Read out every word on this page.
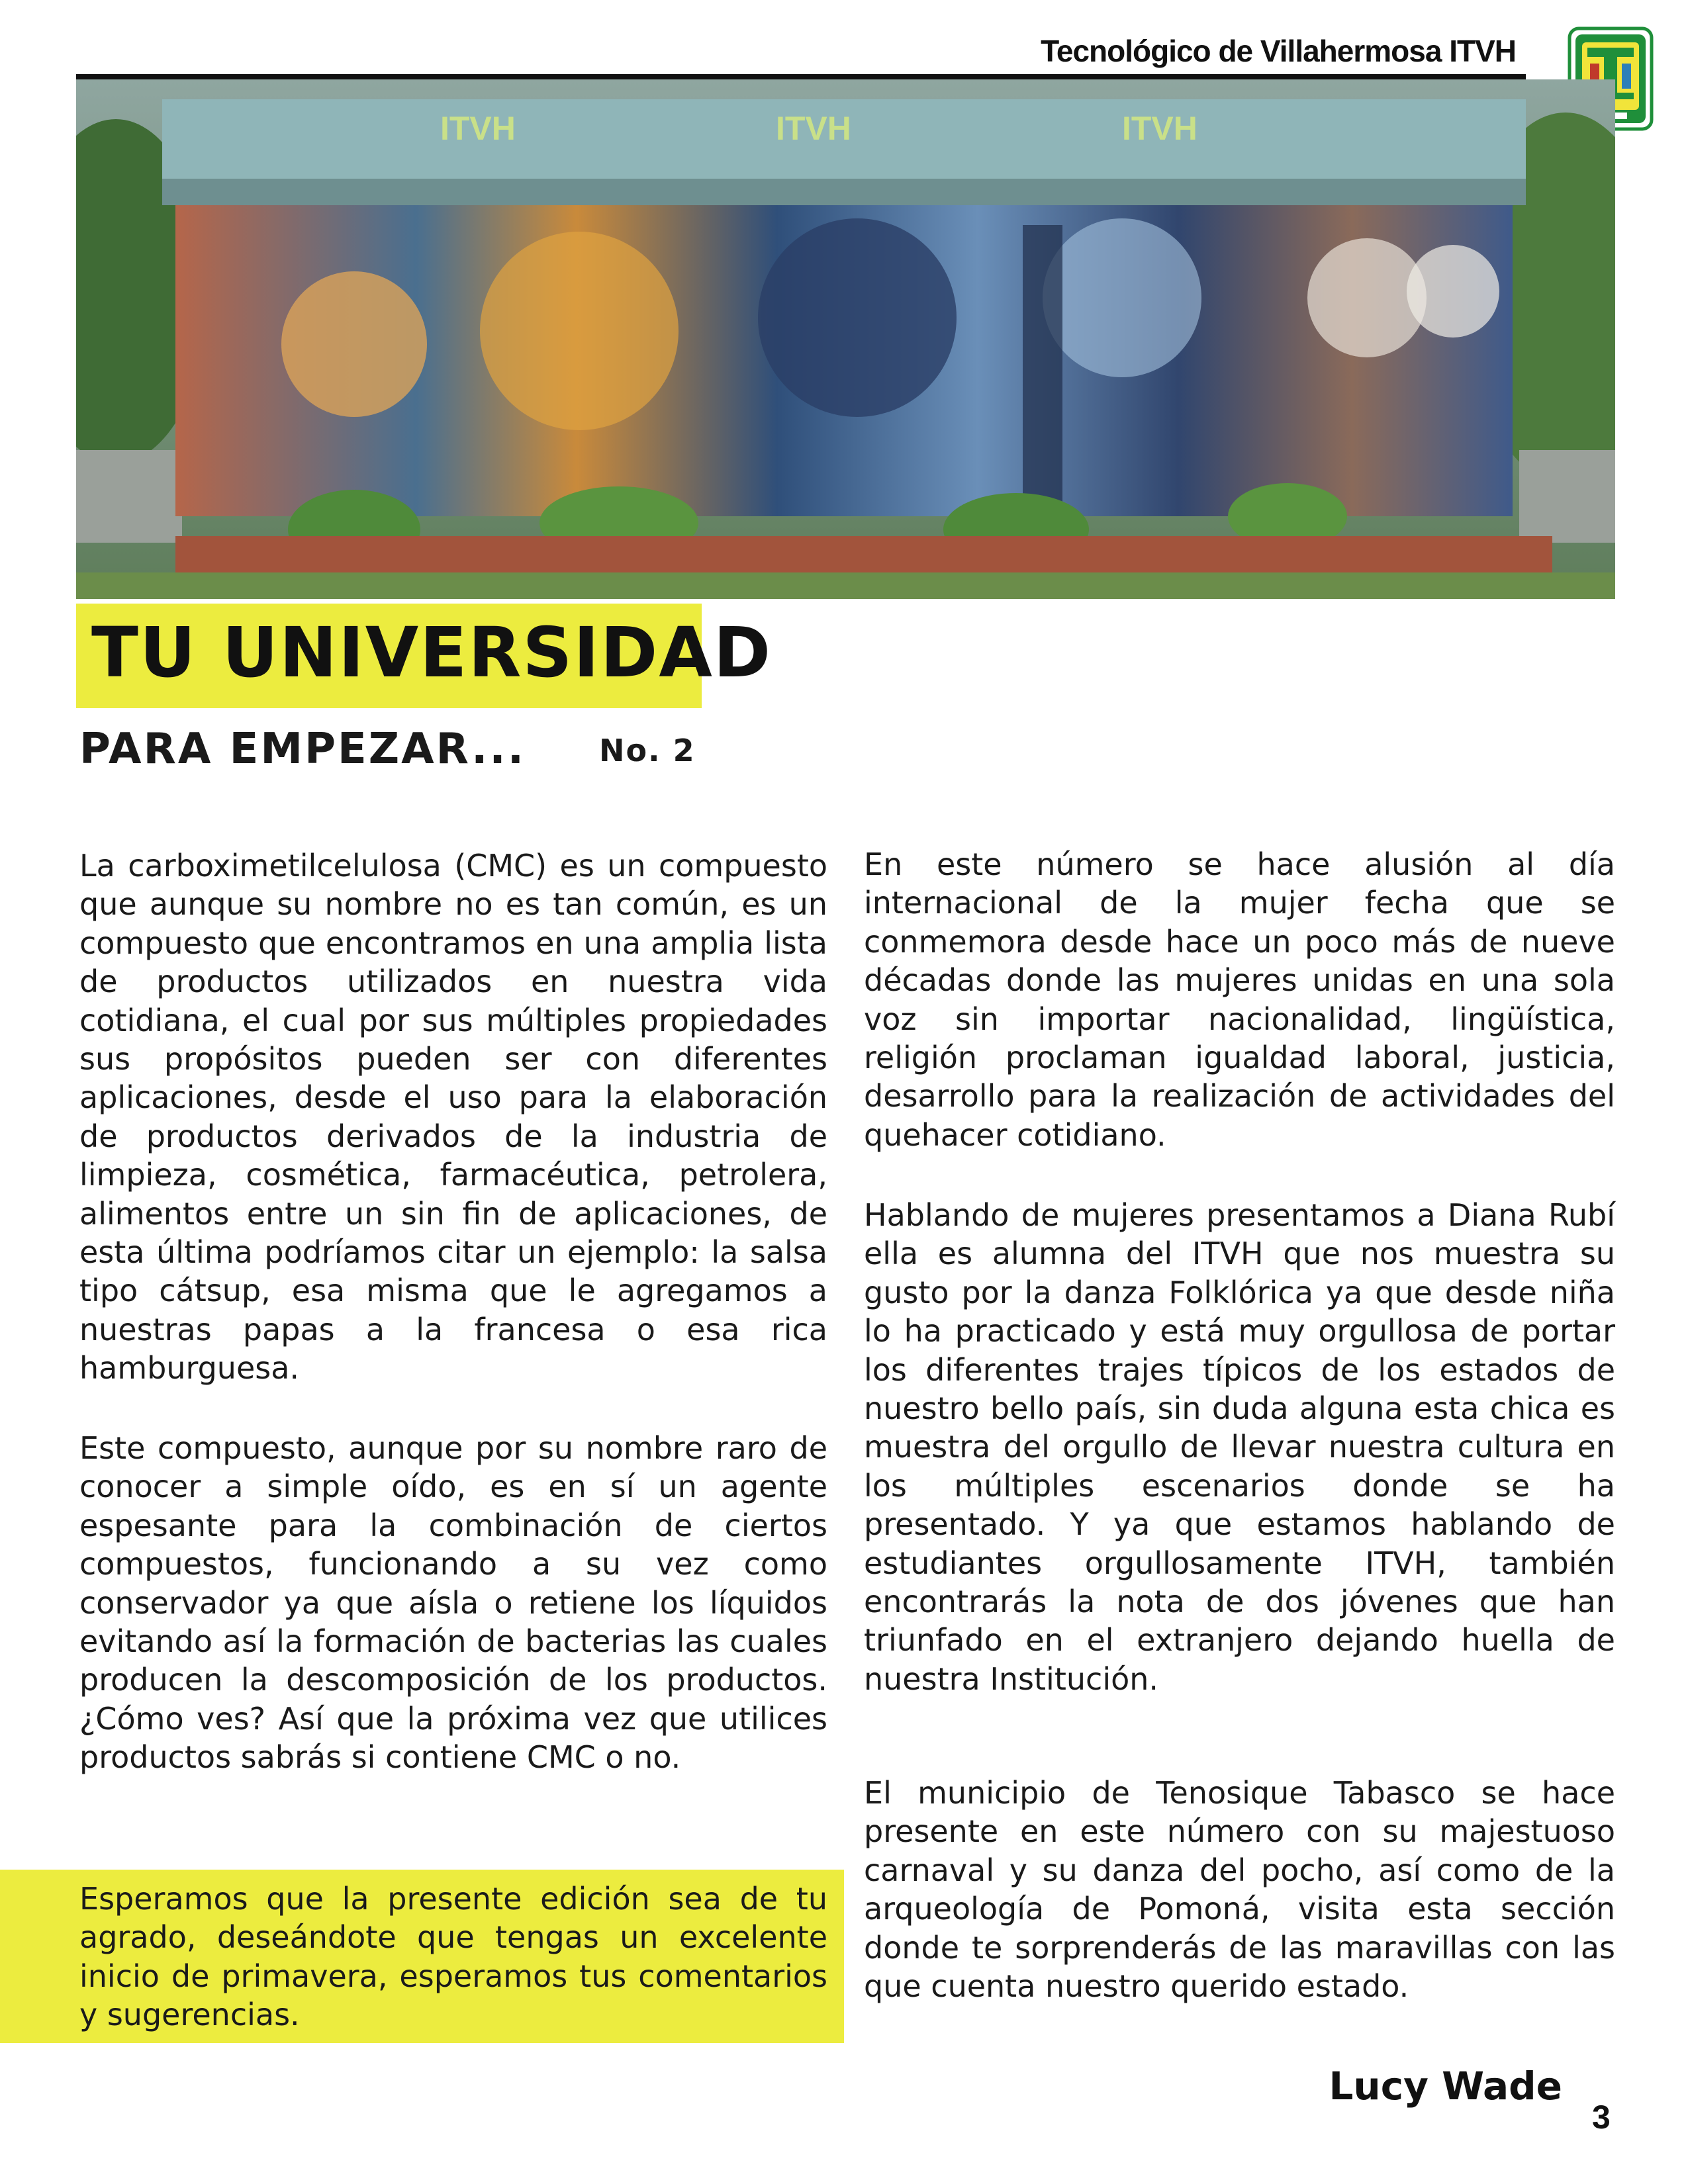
Tecnológico de Villahermosa ITVH
ITVH	ITVH	ITVH
TU UNIVERSIDAD
PARA EMPEZAR... No. 2

La carboximetilcelulosa (CMC) es un compuesto que aunque su nombre no es tan común, es un compuesto que encontramos en una amplia lista de productos utilizados en nuestra vida cotidiana, el cual por sus múltiples propiedades sus propósitos pueden ser con diferentes aplicaciones, desde el uso para la elaboración de productos derivados de la industria de limpieza, cosmética, farmacéutica, petrolera, alimentos entre un sin fin de aplicaciones, de esta última podríamos citar un ejemplo: la salsa tipo cátsup, esa misma que le agregamos a nuestras papas a la francesa o esa rica hamburguesa.

Este compuesto, aunque por su nombre raro de conocer a simple oído, es en sí un agente espesante para la combinación de ciertos compuestos, funcionando a su vez como conservador ya que aísla o retiene los líquidos evitando así la formación de bacterias las cuales producen la descomposición de los productos. ¿Cómo ves? Así que la próxima vez que utilices productos sabrás si contiene CMC o no.

Esperamos que la presente edición sea de tu agrado, deseándote que tengas un excelente inicio de primavera, esperamos tus comentarios y sugerencias.

En este número se hace alusión al día internacional de la mujer fecha que se conmemora desde hace un poco más de nueve décadas donde las mujeres unidas en una sola voz sin importar nacionalidad, lingüística, religión proclaman igualdad laboral, justicia, desarrollo para la realización de actividades del quehacer cotidiano.

Hablando de mujeres presentamos a Diana Rubí ella es alumna del ITVH que nos muestra su gusto por la danza Folklórica ya que desde niña lo ha practicado y está muy orgullosa de portar los diferentes trajes típicos de los estados de nuestro bello país, sin duda alguna esta chica es muestra del orgullo de llevar nuestra cultura en los múltiples escenarios donde se ha presentado. Y ya que estamos hablando de estudiantes orgullosamente ITVH, también encontrarás la nota de dos jóvenes que han triunfado en el extranjero dejando huella de nuestra Institución.

El municipio de Tenosique Tabasco se hace presente en este número con su majestuoso carnaval y su danza del pocho, así como de la arqueología de Pomoná, visita esta sección donde te sorprenderás de las maravillas con las que cuenta nuestro querido estado.

Lucy Wade
3
